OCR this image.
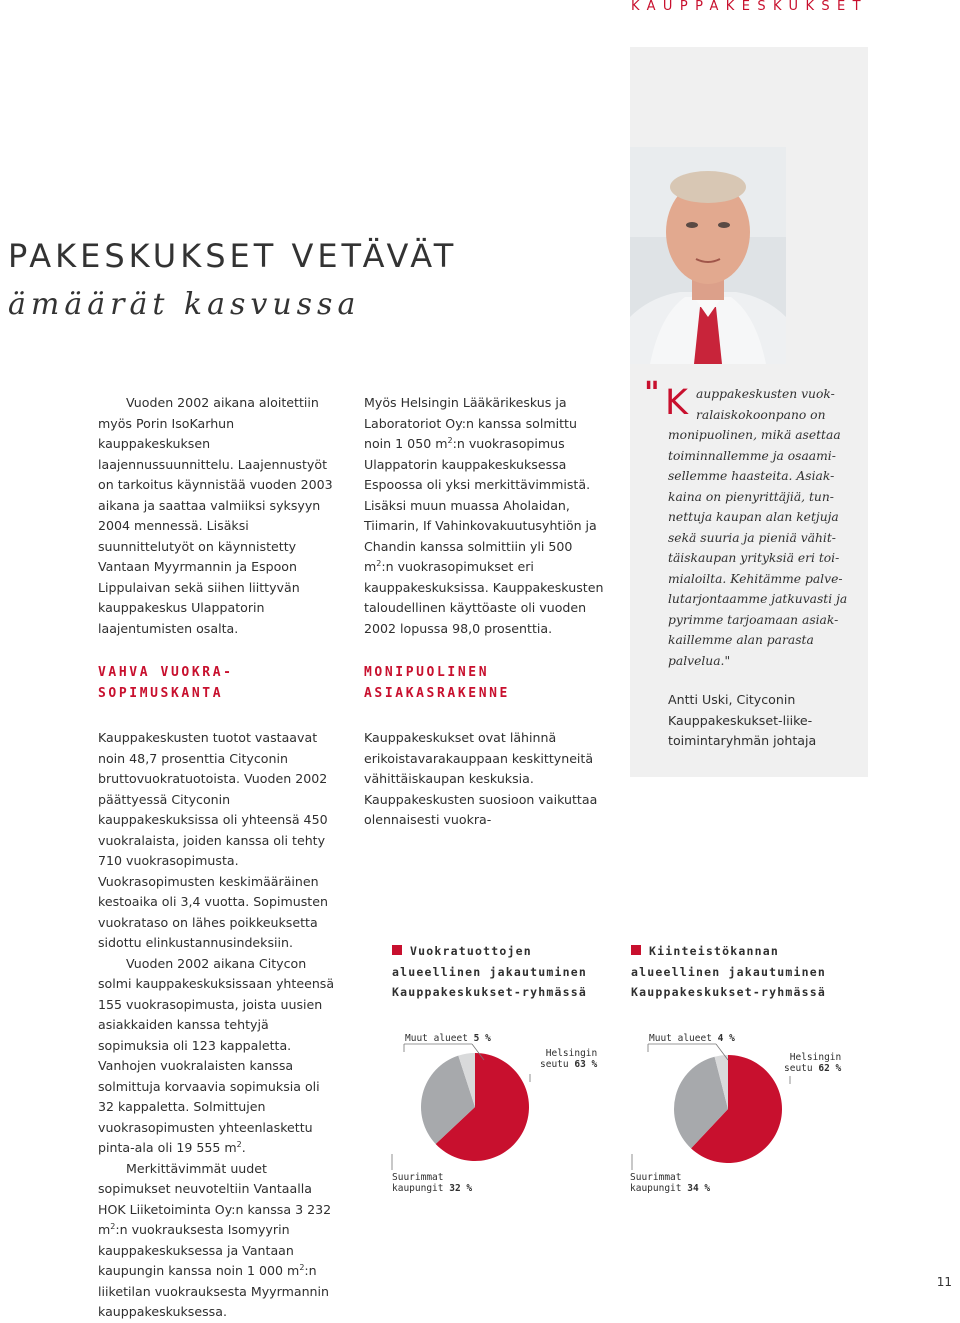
KAUPPAKESKUKSET
PAKESKUKSET VETÄVÄT
ämäärät kasvussa

Vuoden 2002 aikana aloitettiin myös Porin IsoKarhun kauppakeskuksen laajennussuunnittelu. Laajennustyöt on tarkoitus käynnistää vuoden 2003 aikana ja saattaa valmiiksi syksyyn 2004 mennessä. Lisäksi suunnittelutyöt on käynnistetty Vantaan Myyrmannin ja Espoon Lippulaivan sekä siihen liittyvän kauppakeskus Ulappatorin laajentumisten osalta.

VAHVA VUOKRA-SOPIMUSKANTA

Kauppakeskusten tuotot vastaavat noin 48,7 prosenttia Cityconin bruttovuokratuotoista. Vuoden 2002 päättyessä Cityconin kauppakeskuksissa oli yhteensä 450 vuokralaista, joiden kanssa oli tehty 710 vuokrasopimusta. Vuokrasopimusten keskimääräinen kestoaika oli 3,4 vuotta. Sopimusten vuokrataso on lähes poikkeuksetta sidottu elinkustannusindeksiin.

Vuoden 2002 aikana Citycon solmi kauppakeskuksissaan yhteensä 155 vuokrasopimusta, joista uusien asiakkaiden kanssa tehtyjä sopimuksia oli 123 kappaletta. Vanhojen vuokralaisten kanssa solmittuja korvaavia sopimuksia oli 32 kappaletta. Solmittujen vuokrasopimusten yhteenlaskettu pinta-ala oli 19 555 $m^2$.

Merkittävimmät uudet sopimukset neuvoteltiin Vantaalla HOK Liiketoiminta Oy:n kanssa 3 232 $m^2:n$ vuokrauksesta Isomyyrin kauppakeskuksessa ja Vantaan kaupungin kanssa noin 1 000 $m^2:n$ liiketilan vuokrauksesta Myyrmannin kauppakeskuksessa.

Myös Helsingin Lääkärikeskus ja Laboratoriot Oy:n kanssa solmittu noin 1 050 $m^2:n$ vuokrasopimus Ulappatorin kauppakeskuksessa Espoossa oli yksi merkittävimmistä. Lisäksi muun muassa Aholaidan, Tiimarin, If Vahinkovakuutusyhtiön ja Chandin kanssa solmittiin yli 500 $m^2:n$ vuokrasopimukset eri kauppakeskuksissa. Kauppakeskusten taloudellinen käyttöaste oli vuoden 2002 lopussa 98,0 prosenttia.

MONIPUOLINEN ASIAKASRAKENNE

Kauppakeskukset ovat lähinnä erikoistavarakauppaan keskittyneitä vähittäiskaupan keskuksia. Kauppakeskusten suosioon vaikuttaa olennaisesti vuokra-

" K auppakeskusten vuok-
ralaiskokoonpano on
monipuolinen, mikä asettaa
toiminnallemme ja osaami-
sellemme haasteita. Asiak-
kaina on pienyrittäjiä, tun-
nettuja kaupan alan ketjuja
sekä suuria ja pieniä vähit-
täiskaupan yrityksiä eri toi-
mialoilta. Kehitämme palve-
lutarjontaamme jatkuvasti ja
pyrimme tarjoamaan asiak-
kaillemme alan parasta
palvelua."
Antti Uski, Cityconin
Kauppakeskukset-liike-
toimintaryhmän johtaja
Vuokratuottojen
alueellinen jakautuminen
Kauppakeskukset-ryhmässä
Muut alueet 5 %
Helsingin
seutu 63 %
Suurimmat
kaupungit 32 %
Kiinteistökannan
alueellinen jakautuminen
Kauppakeskukset-ryhmässä
Muut alueet 4 %
Helsingin
seutu 62 %
Suurimmat
kaupungit 34 %
11
